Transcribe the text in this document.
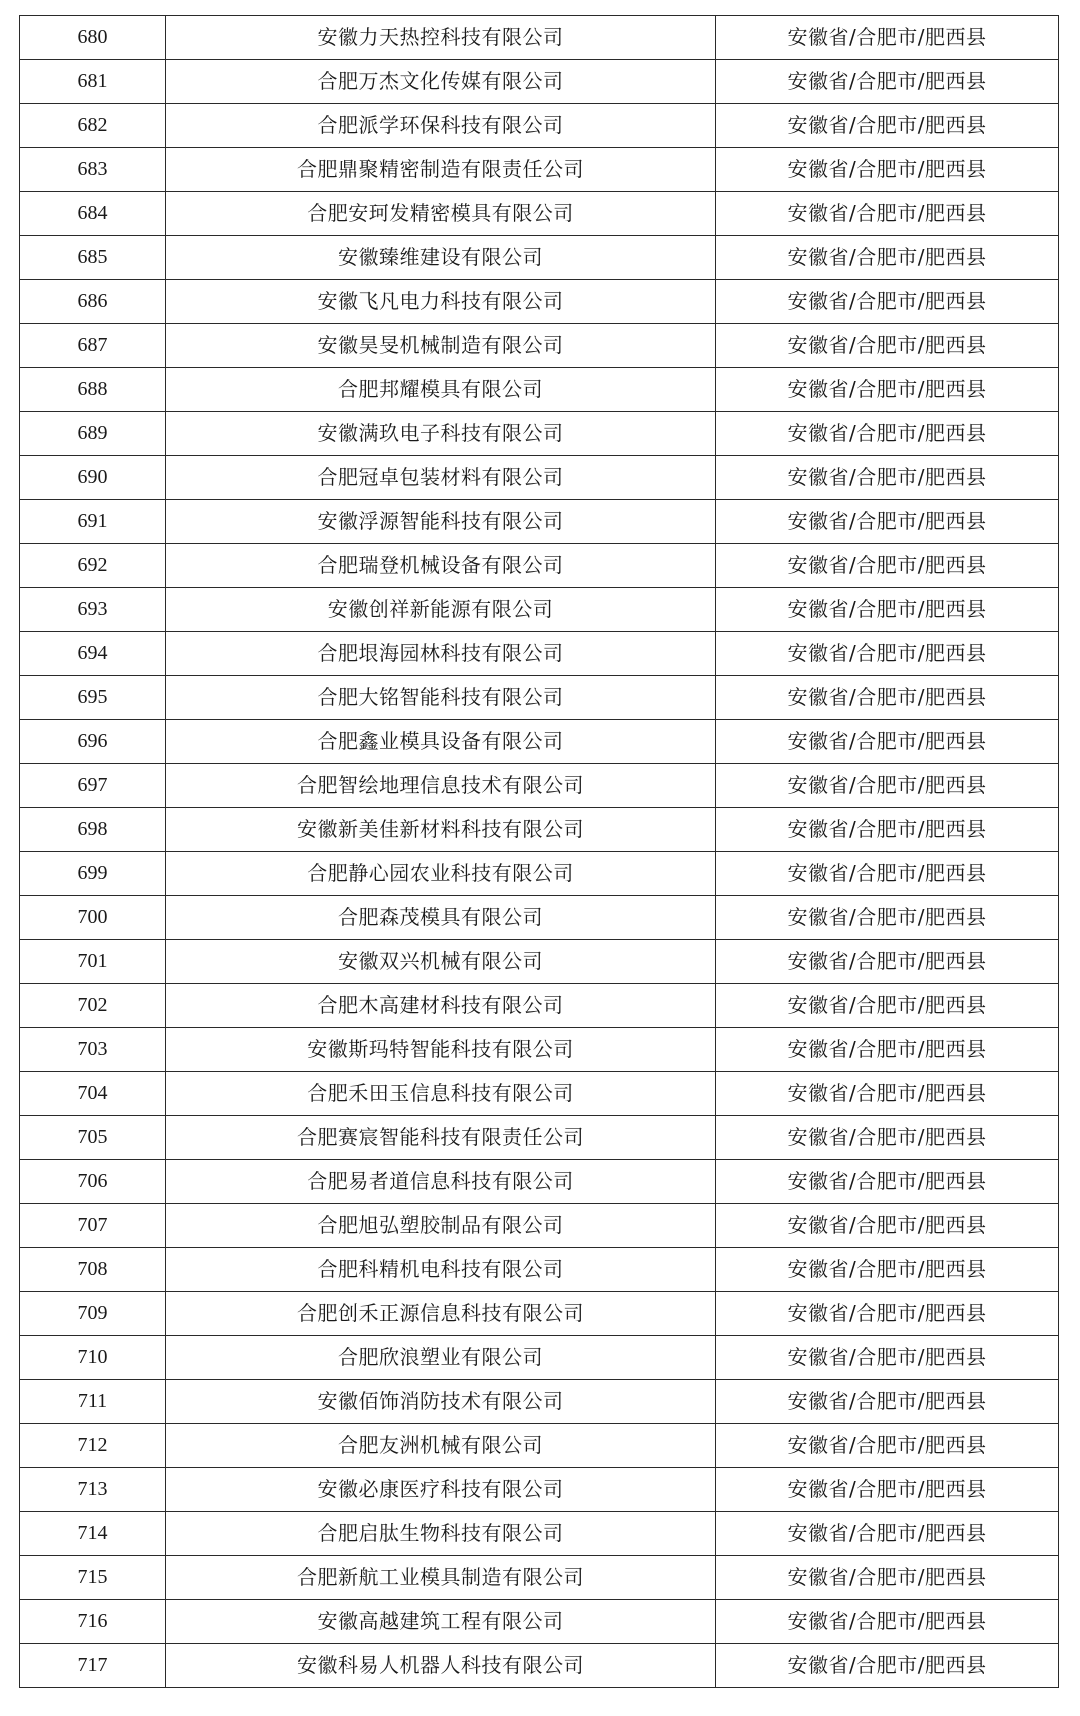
680	安徽力天热控科技有限公司	安徽省/合肥市/肥西县
681	合肥万杰文化传媒有限公司	安徽省/合肥市/肥西县
682	合肥派学环保科技有限公司	安徽省/合肥市/肥西县
683	合肥鼎聚精密制造有限责任公司	安徽省/合肥市/肥西县
684	合肥安珂发精密模具有限公司	安徽省/合肥市/肥西县
685	安徽臻维建设有限公司	安徽省/合肥市/肥西县
686	安徽飞凡电力科技有限公司	安徽省/合肥市/肥西县
687	安徽昊旻机械制造有限公司	安徽省/合肥市/肥西县
688	合肥邦耀模具有限公司	安徽省/合肥市/肥西县
689	安徽满玖电子科技有限公司	安徽省/合肥市/肥西县
690	合肥冠卓包装材料有限公司	安徽省/合肥市/肥西县
691	安徽浮源智能科技有限公司	安徽省/合肥市/肥西县
692	合肥瑞登机械设备有限公司	安徽省/合肥市/肥西县
693	安徽创祥新能源有限公司	安徽省/合肥市/肥西县
694	合肥垠海园林科技有限公司	安徽省/合肥市/肥西县
695	合肥大铭智能科技有限公司	安徽省/合肥市/肥西县
696	合肥鑫业模具设备有限公司	安徽省/合肥市/肥西县
697	合肥智绘地理信息技术有限公司	安徽省/合肥市/肥西县
698	安徽新美佳新材料科技有限公司	安徽省/合肥市/肥西县
699	合肥静心园农业科技有限公司	安徽省/合肥市/肥西县
700	合肥森茂模具有限公司	安徽省/合肥市/肥西县
701	安徽双兴机械有限公司	安徽省/合肥市/肥西县
702	合肥木高建材科技有限公司	安徽省/合肥市/肥西县
703	安徽斯玛特智能科技有限公司	安徽省/合肥市/肥西县
704	合肥禾田玉信息科技有限公司	安徽省/合肥市/肥西县
705	合肥赛宸智能科技有限责任公司	安徽省/合肥市/肥西县
706	合肥易者道信息科技有限公司	安徽省/合肥市/肥西县
707	合肥旭弘塑胶制品有限公司	安徽省/合肥市/肥西县
708	合肥科精机电科技有限公司	安徽省/合肥市/肥西县
709	合肥创禾正源信息科技有限公司	安徽省/合肥市/肥西县
710	合肥欣浪塑业有限公司	安徽省/合肥市/肥西县
711	安徽佰饰消防技术有限公司	安徽省/合肥市/肥西县
712	合肥友洲机械有限公司	安徽省/合肥市/肥西县
713	安徽必康医疗科技有限公司	安徽省/合肥市/肥西县
714	合肥启肽生物科技有限公司	安徽省/合肥市/肥西县
715	合肥新航工业模具制造有限公司	安徽省/合肥市/肥西县
716	安徽高越建筑工程有限公司	安徽省/合肥市/肥西县
717	安徽科易人机器人科技有限公司	安徽省/合肥市/肥西县
